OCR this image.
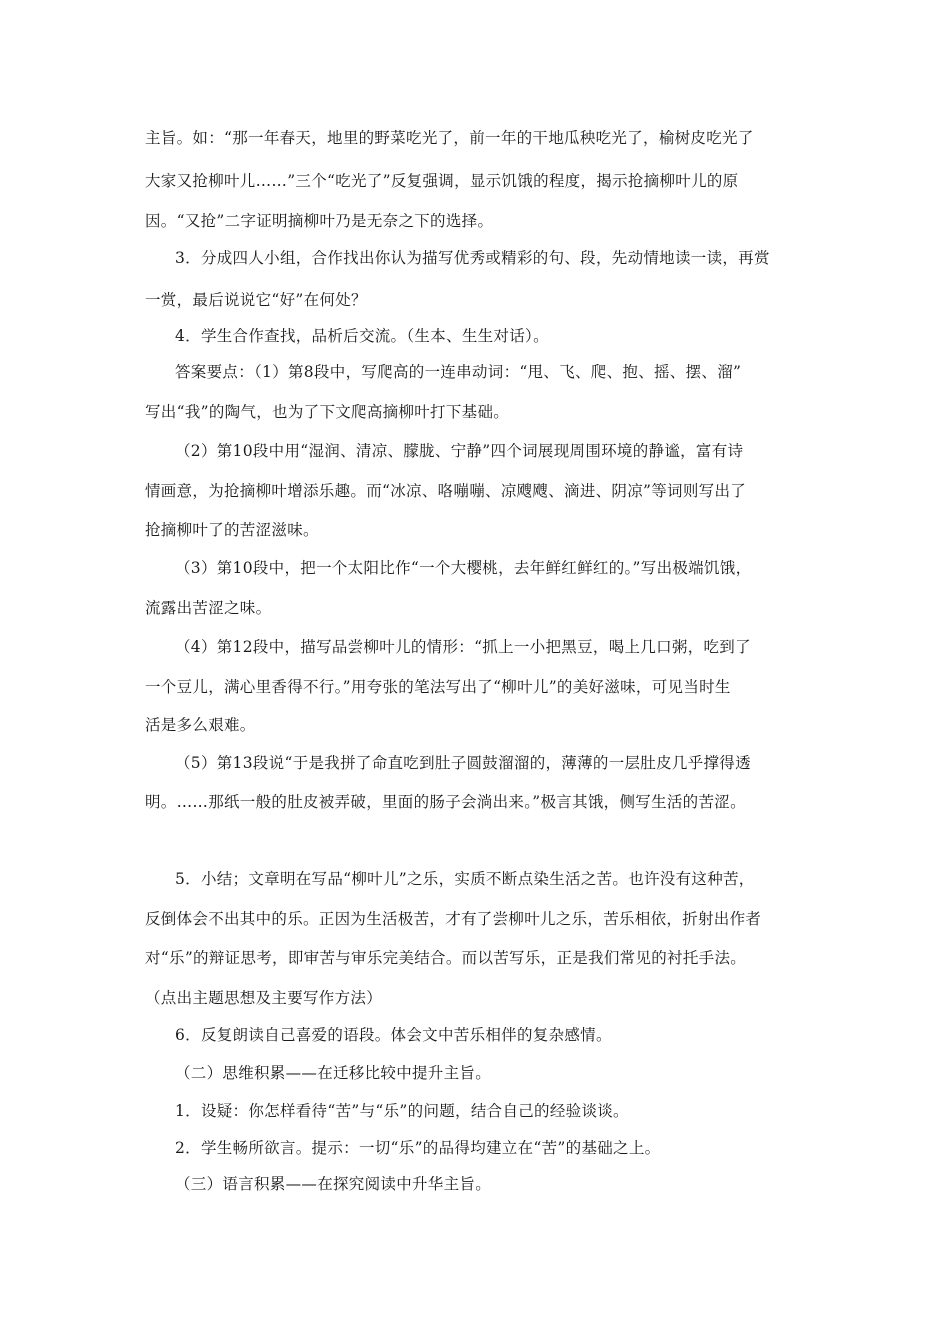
主旨。如：“那一年春天，地里的野菜吃光了，前一年的干地瓜秧吃光了，榆树皮吃光了
大家又抢柳叶儿……”三个“吃光了”反复强调，显示饥饿的程度，揭示抢摘柳叶儿的原
因。“又抢”二字证明摘柳叶乃是无奈之下的选择。
3．分成四人小组，合作找出你认为描写优秀或精彩的句、段，先动情地读一读，再赏
一赏，最后说说它“好”在何处？
4．学生合作查找，品析后交流。（生本、生生对话）。
答案要点：（1）第8段中，写爬高的一连串动词：“甩、飞、爬、抱、摇、摆、溜”
写出“我”的陶气，也为了下文爬高摘柳叶打下基础。
（2）第10段中用“湿润、清凉、朦胧、宁静”四个词展现周围环境的静谧，富有诗
情画意，为抢摘柳叶增添乐趣。而“冰凉、咯嘣嘣、凉飕飕、滴进、阴凉”等词则写出了
抢摘柳叶了的苦涩滋味。
（3）第10段中，把一个太阳比作“一个大樱桃，去年鲜红鲜红的。”写出极端饥饿，
流露出苦涩之味。
（4）第12段中，描写品尝柳叶儿的情形：“抓上一小把黑豆，喝上几口粥，吃到了
一个豆儿，满心里香得不行。”用夸张的笔法写出了“柳叶儿”的美好滋味，可见当时生
活是多么艰难。
（5）第13段说“于是我拼了命直吃到肚子圆鼓溜溜的，薄薄的一层肚皮几乎撑得透
明。……那纸一般的肚皮被弄破，里面的肠子会淌出来。”极言其饿，侧写生活的苦涩。
5．小结；文章明在写品“柳叶儿”之乐，实质不断点染生活之苦。也许没有这种苦，
反倒体会不出其中的乐。正因为生活极苦，才有了尝柳叶儿之乐，苦乐相依，折射出作者
对“乐”的辩证思考，即审苦与审乐完美结合。而以苦写乐，正是我们常见的衬托手法。
（点出主题思想及主要写作方法）
6．反复朗读自己喜爱的语段。体会文中苦乐相伴的复杂感情。
（二）思维积累——在迁移比较中提升主旨。
1．设疑：你怎样看待“苦”与“乐”的问题，结合自己的经验谈谈。
2．学生畅所欲言。提示：一切“乐”的品得均建立在“苦”的基础之上。
（三）语言积累——在探究阅读中升华主旨。
